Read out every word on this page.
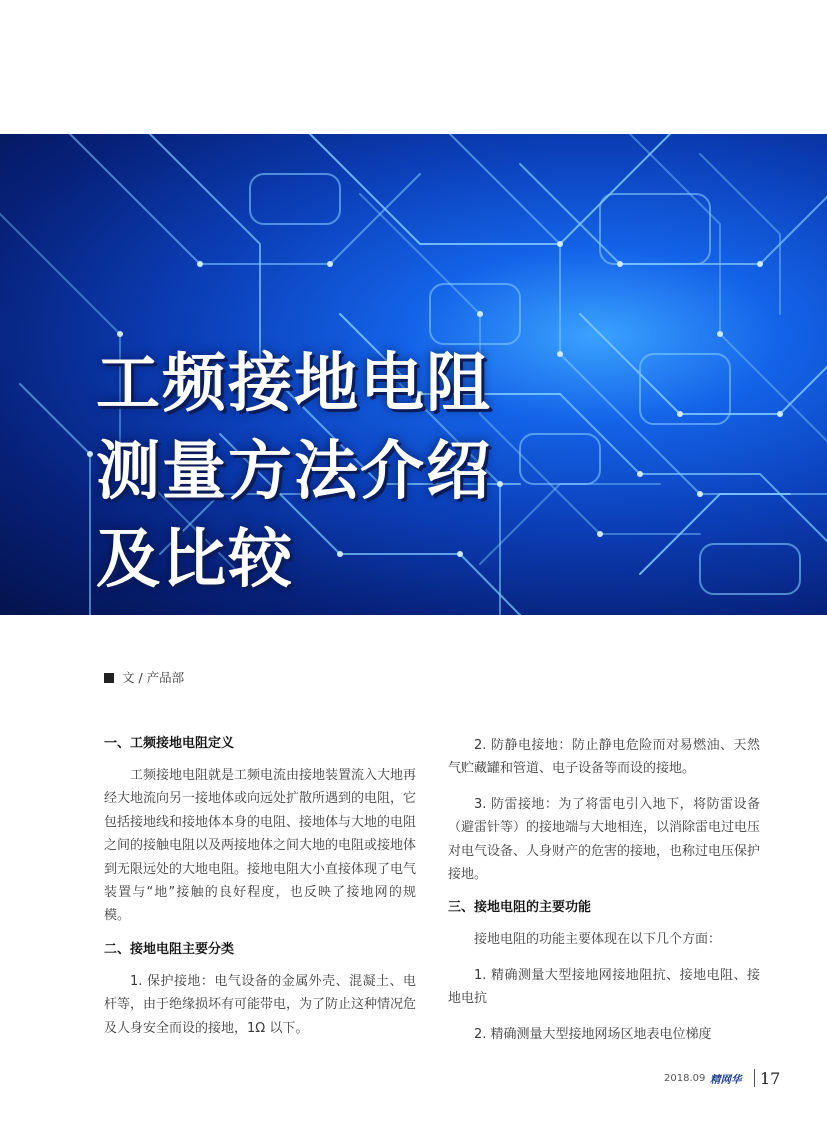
工频接地电阻
测量方法介绍
及比较
文 / 产品部
一、工频接地电阻定义

工频接地电阻就是工频电流由接地装置流入大地再经大地流向另一接地体或向远处扩散所遇到的电阻，它包括接地线和接地体本身的电阻、接地体与大地的电阻之间的接触电阻以及两接地体之间大地的电阻或接地体到无限远处的大地电阻。接地电阻大小直接体现了电气装置与“地”接触的良好程度，也反映了接地网的规模。

二、接地电阻主要分类

1. 保护接地：电气设备的金属外壳、混凝土、电杆等，由于绝缘损坏有可能带电，为了防止这种情况危及人身安全而设的接地，1Ω 以下。

2. 防静电接地：防止静电危险而对易燃油、天然气贮藏罐和管道、电子设备等而设的接地。

3. 防雷接地：为了将雷电引入地下，将防雷设备（避雷针等）的接地端与大地相连，以消除雷电过电压对电气设备、人身财产的危害的接地，也称过电压保护接地。

三、接地电阻的主要功能

接地电阻的功能主要体现在以下几个方面：

1. 精确测量大型接地网接地阻抗、接地电阻、接地电抗

2. 精确测量大型接地网场区地表电位梯度

2018.09 精网华 17
